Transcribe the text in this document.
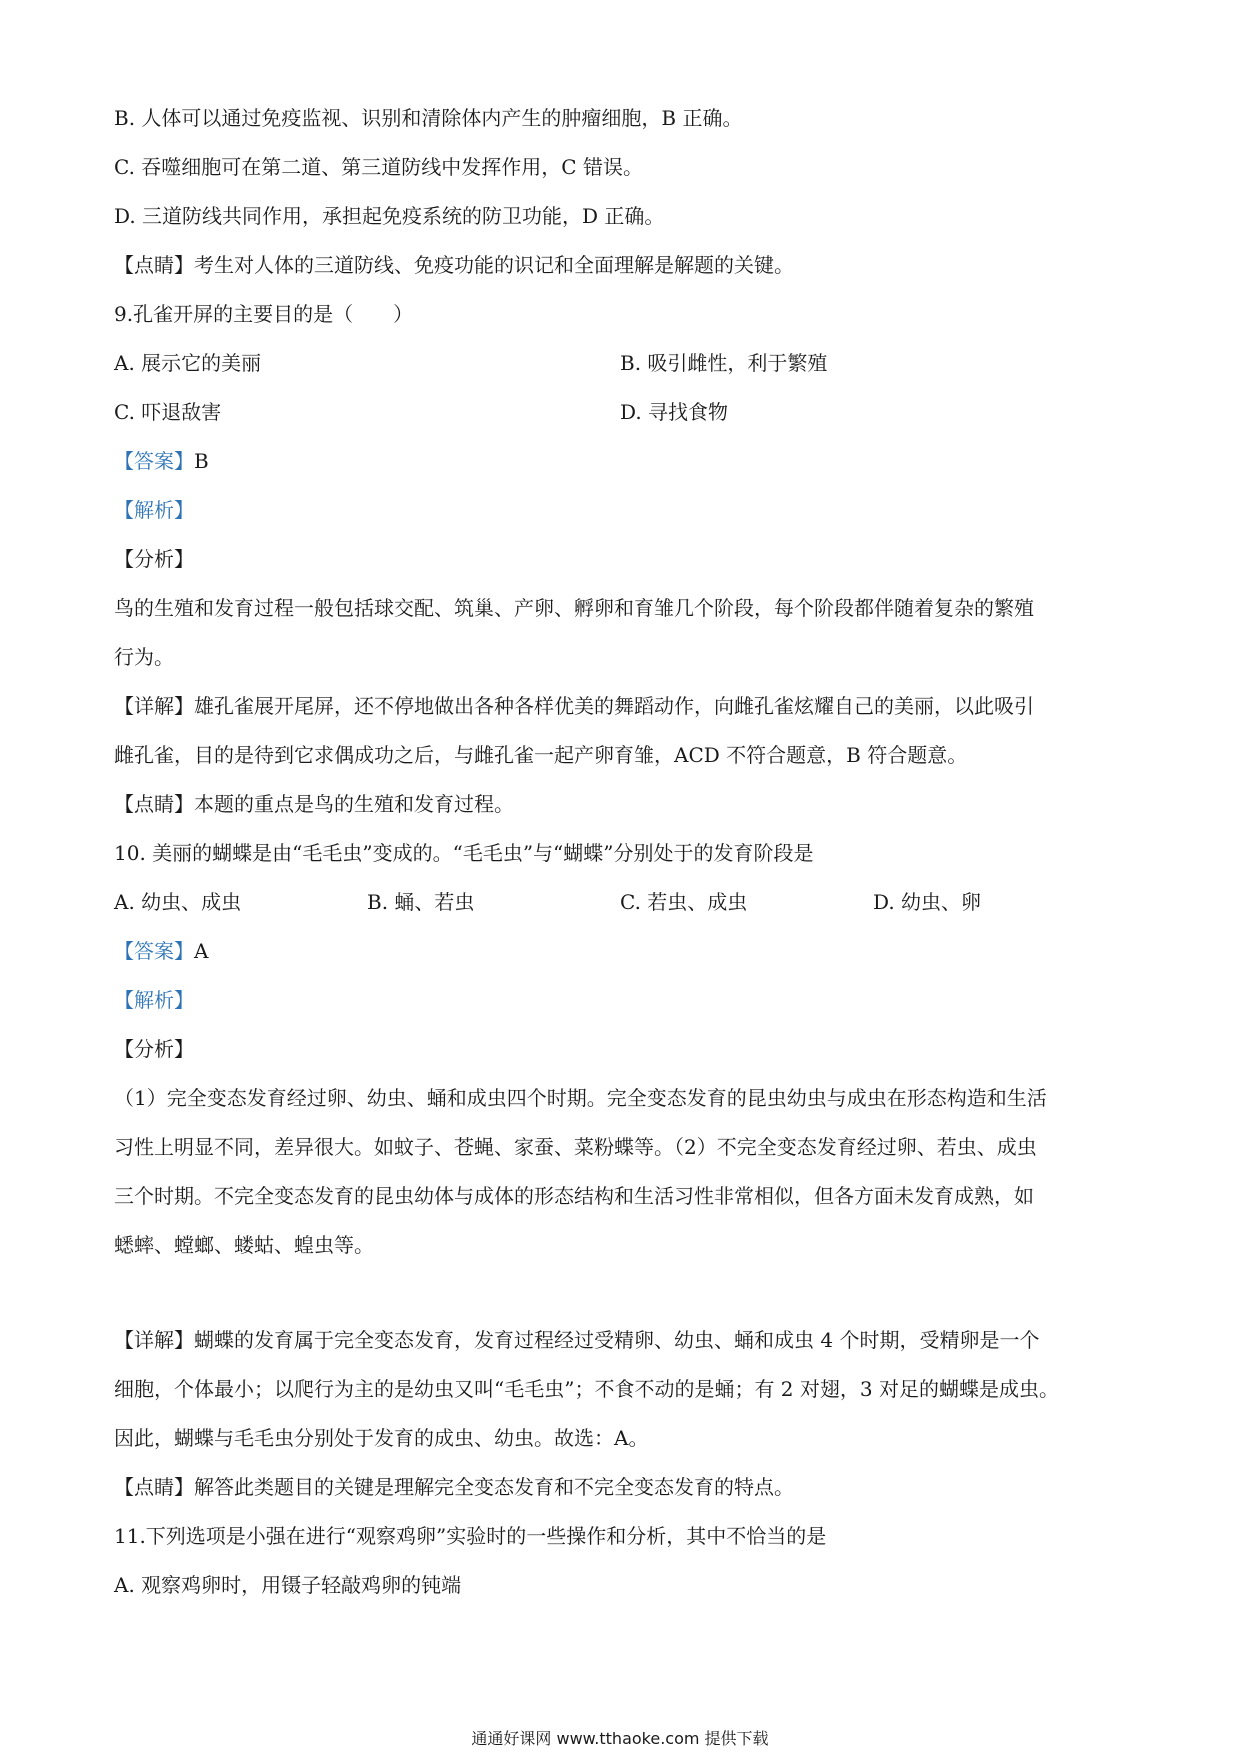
B. 人体可以通过免疫监视、识别和清除体内产生的肿瘤细胞，B 正确。
C. 吞噬细胞可在第二道、第三道防线中发挥作用，C 错误。
D. 三道防线共同作用，承担起免疫系统的防卫功能，D 正确。
【点睛】考生对人体的三道防线、免疫功能的识记和全面理解是解题的关键。
9.孔雀开屏的主要目的是（　　）
A. 展示它的美丽	B. 吸引雌性，利于繁殖
C. 吓退敌害	D. 寻找食物
【答案】B
【解析】
【分析】
鸟的生殖和发育过程一般包括球交配、筑巢、产卵、孵卵和育雏几个阶段，每个阶段都伴随着复杂的繁殖
行为。
【详解】雄孔雀展开尾屏，还不停地做出各种各样优美的舞蹈动作，向雌孔雀炫耀自己的美丽，以此吸引
雌孔雀，目的是待到它求偶成功之后，与雌孔雀一起产卵育雏，ACD 不符合题意，B 符合题意。
【点睛】本题的重点是鸟的生殖和发育过程。
10. 美丽的蝴蝶是由“毛毛虫”变成的。“毛毛虫”与“蝴蝶”分别处于的发育阶段是
A. 幼虫、成虫	B. 蛹、若虫	C. 若虫、成虫	D. 幼虫、卵
【答案】A
【解析】
【分析】
（1）完全变态发育经过卵、幼虫、蛹和成虫四个时期。完全变态发育的昆虫幼虫与成虫在形态构造和生活
习性上明显不同，差异很大。如蚊子、苍蝇、家蚕、菜粉蝶等。（2）不完全变态发育经过卵、若虫、成虫
三个时期。不完全变态发育的昆虫幼体与成体的形态结构和生活习性非常相似，但各方面未发育成熟，如
蟋蟀、螳螂、蝼蛄、蝗虫等。
【详解】蝴蝶的发育属于完全变态发育，发育过程经过受精卵、幼虫、蛹和成虫 4 个时期，受精卵是一个
细胞，个体最小；以爬行为主的是幼虫又叫“毛毛虫”；不食不动的是蛹；有 2 对翅，3 对足的蝴蝶是成虫。
因此，蝴蝶与毛毛虫分别处于发育的成虫、幼虫。故选：A。
【点睛】解答此类题目的关键是理解完全变态发育和不完全变态发育的特点。
11.下列选项是小强在进行“观察鸡卵”实验时的一些操作和分析，其中不恰当的是
A. 观察鸡卵时，用镊子轻敲鸡卵的钝端
通通好课网 www.tthaoke.com 提供下载
